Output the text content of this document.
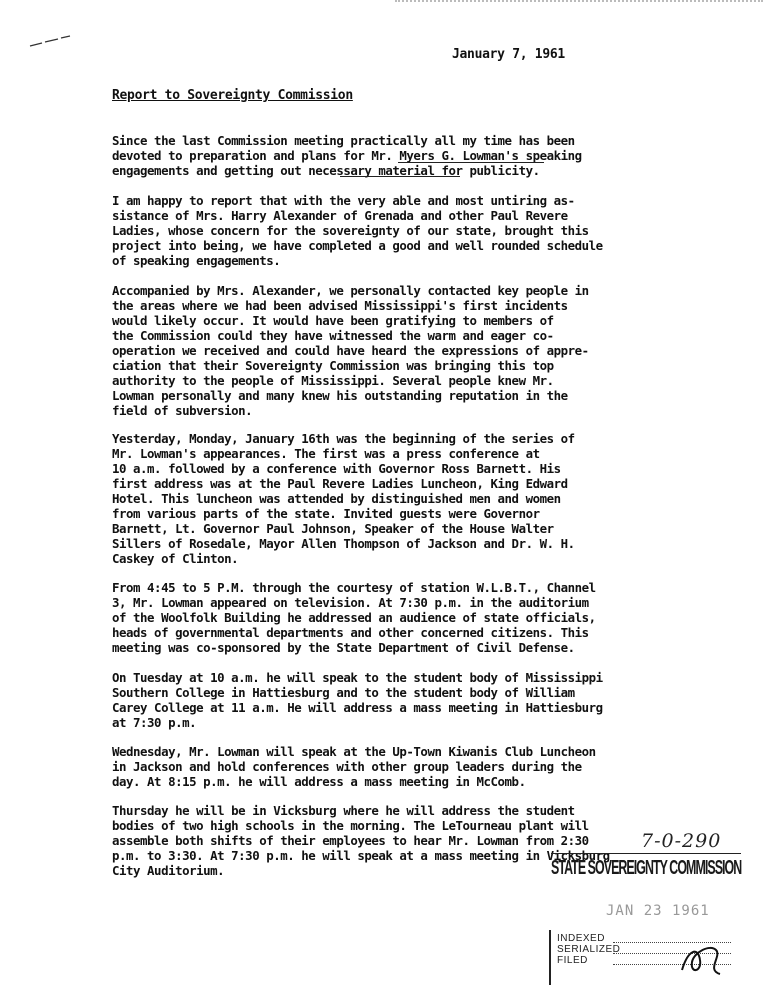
January 7, 1961
Report to Sovereignty Commission
Since the last Commission meeting practically all my time has been
devoted to preparation and plans for Mr. Myers G. Lowman's speaking
engagements and getting out necessary material for publicity.
I am happy to report that with the very able and most untiring as-
sistance of Mrs. Harry Alexander of Grenada and other Paul Revere
Ladies, whose concern for the sovereignty of our state, brought this
project into being, we have completed a good and well rounded schedule
of speaking engagements.
Accompanied by Mrs. Alexander, we personally contacted key people in
the areas where we had been advised Mississippi's first incidents
would likely occur. It would have been gratifying to members of
the Commission could they have witnessed the warm and eager co-
operation we received and could have heard the expressions of appre-
ciation that their Sovereignty Commission was bringing this top
authority to the people of Mississippi. Several people knew Mr.
Lowman personally and many knew his outstanding reputation in the
field of subversion.
Yesterday, Monday, January 16th was the beginning of the series of
Mr. Lowman's appearances. The first was a press conference at
10 a.m. followed by a conference with Governor Ross Barnett. His
first address was at the Paul Revere Ladies Luncheon, King Edward
Hotel. This luncheon was attended by distinguished men and women
from various parts of the state. Invited guests were Governor
Barnett, Lt. Governor Paul Johnson, Speaker of the House Walter
Sillers of Rosedale, Mayor Allen Thompson of Jackson and Dr. W. H.
Caskey of Clinton.
From 4:45 to 5 P.M. through the courtesy of station W.L.B.T., Channel
3, Mr. Lowman appeared on television. At 7:30 p.m. in the auditorium
of the Woolfolk Building he addressed an audience of state officials,
heads of governmental departments and other concerned citizens. This
meeting was co-sponsored by the State Department of Civil Defense.
On Tuesday at 10 a.m. he will speak to the student body of Mississippi
Southern College in Hattiesburg and to the student body of William
Carey College at 11 a.m. He will address a mass meeting in Hattiesburg
at 7:30 p.m.
Wednesday, Mr. Lowman will speak at the Up-Town Kiwanis Club Luncheon
in Jackson and hold conferences with other group leaders during the
day. At 8:15 p.m. he will address a mass meeting in McComb.
Thursday he will be in Vicksburg where he will address the student
bodies of two high schools in the morning. The LeTourneau plant will
assemble both shifts of their employees to hear Mr. Lowman from 2:30
p.m. to 3:30. At 7:30 p.m. he will speak at a mass meeting in Vicksburg
City Auditorium.
7-0-290
STATE SOVEREIGNTY COMMISSION
JAN 23 1961
INDEXED
SERIALIZED
FILED
